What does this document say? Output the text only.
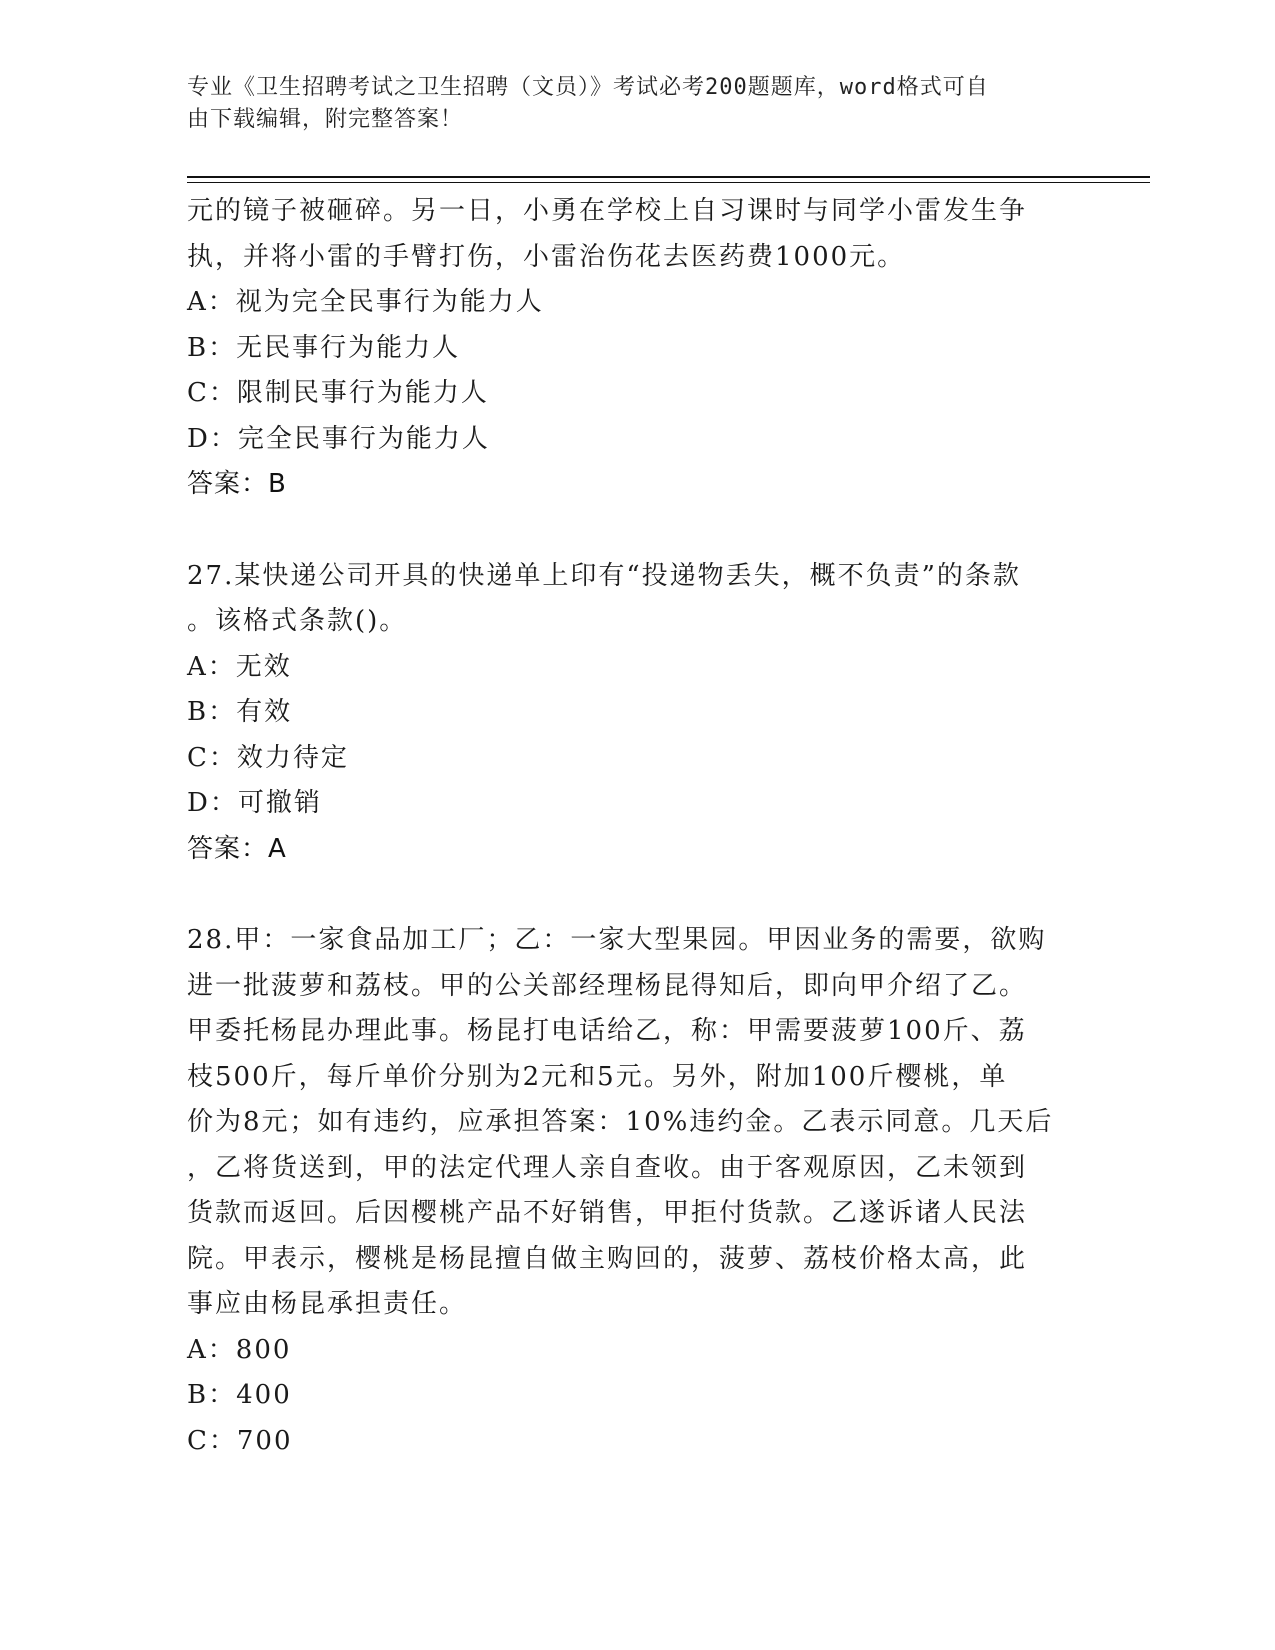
专业《卫生招聘考试之卫生招聘（文员）》考试必考200题题库，word格式可自
由下载编辑，附完整答案！
元的镜子被砸碎。另一日，小勇在学校上自习课时与同学小雷发生争
执，并将小雷的手臂打伤，小雷治伤花去医药费1000元。
A：视为完全民事行为能力人
B：无民事行为能力人
C：限制民事行为能力人
D：完全民事行为能力人
答案：B
27.某快递公司开具的快递单上印有“投递物丢失，概不负责”的条款
。该格式条款()。
A：无效
B：有效
C：效力待定
D：可撤销
答案：A
28.甲：一家食品加工厂；乙：一家大型果园。甲因业务的需要，欲购
进一批菠萝和荔枝。甲的公关部经理杨昆得知后，即向甲介绍了乙。
甲委托杨昆办理此事。杨昆打电话给乙，称：甲需要菠萝100斤、荔
枝500斤，每斤单价分别为2元和5元。另外，附加100斤樱桃，单
价为8元；如有违约，应承担答案：10%违约金。乙表示同意。几天后
，乙将货送到，甲的法定代理人亲自查收。由于客观原因，乙未领到
货款而返回。后因樱桃产品不好销售，甲拒付货款。乙遂诉诸人民法
院。甲表示，樱桃是杨昆擅自做主购回的，菠萝、荔枝价格太高，此
事应由杨昆承担责任。
A：800
B：400
C：700
